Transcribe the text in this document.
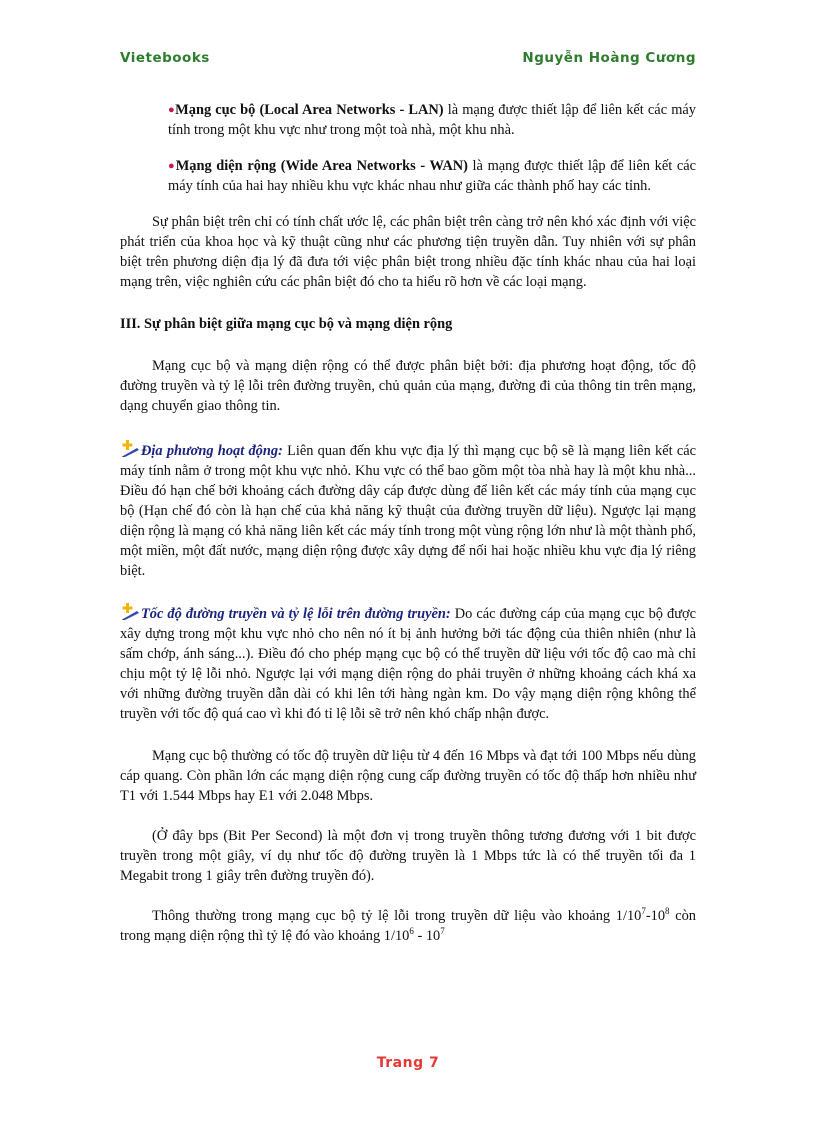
Vietebooks	Nguyễn Hoàng Cương

●Mạng cục bộ (Local Area Networks - LAN) là mạng được thiết lập để liên kết các máy tính trong một khu vực như trong một toà nhà, một khu nhà.

●Mạng diện rộng (Wide Area Networks - WAN) là mạng được thiết lập để liên kết các máy tính của hai hay nhiều khu vực khác nhau như giữa các thành phố hay các tỉnh.

Sự phân biệt trên chỉ có tính chất ước lệ, các phân biệt trên càng trở nên khó xác định với việc phát triển của khoa học và kỹ thuật cũng như các phương tiện truyền dẫn. Tuy nhiên với sự phân biệt trên phương diện địa lý đã đưa tới việc phân biệt trong nhiều đặc tính khác nhau của hai loại mạng trên, việc nghiên cứu các phân biệt đó cho ta hiểu rõ hơn về các loại mạng.

III. Sự phân biệt giữa mạng cục bộ và mạng diện rộng

Mạng cục bộ và mạng diện rộng có thể được phân biệt bởi: địa phương hoạt động, tốc độ đường truyền và tỷ lệ lỗi trên đường truyền, chủ quản của mạng, đường đi của thông tin trên mạng, dạng chuyển giao thông tin.

Địa phương hoạt động: Liên quan đến khu vực địa lý thì mạng cục bộ sẽ là mạng liên kết các máy tính nằm ở trong một khu vực nhỏ. Khu vực có thể bao gồm một tòa nhà hay là một khu nhà... Điều đó hạn chế bởi khoảng cách đường dây cáp được dùng để liên kết các máy tính của mạng cục bộ (Hạn chế đó còn là hạn chế của khả năng kỹ thuật của đường truyền dữ liệu). Ngược lại mạng diện rộng là mạng có khả năng liên kết các máy tính trong một vùng rộng lớn như là một thành phố, một miền, một đất nước, mạng diện rộng được xây dựng để nối hai hoặc nhiều khu vực địa lý riêng biệt.

Tốc độ đường truyền và tỷ lệ lỗi trên đường truyền: Do các đường cáp của mạng cục bộ được xây dựng trong một khu vực nhỏ cho nên nó ít bị ảnh hưởng bởi tác động của thiên nhiên (như là sấm chớp, ánh sáng...). Điều đó cho phép mạng cục bộ có thể truyền dữ liệu với tốc độ cao mà chỉ chịu một tỷ lệ lỗi nhỏ. Ngược lại với mạng diện rộng do phải truyền ở những khoảng cách khá xa với những đường truyền dẫn dài có khi lên tới hàng ngàn km. Do vậy mạng diện rộng không thể truyền với tốc độ quá cao vì khi đó tỉ lệ lỗi sẽ trở nên khó chấp nhận được.

Mạng cục bộ thường có tốc độ truyền dữ liệu từ 4 đến 16 Mbps và đạt tới 100 Mbps nếu dùng cáp quang. Còn phần lớn các mạng diện rộng cung cấp đường truyền có tốc độ thấp hơn nhiều như T1 với 1.544 Mbps hay E1 với 2.048 Mbps.

(Ở đây bps (Bit Per Second) là một đơn vị trong truyền thông tương đương với 1 bit được truyền trong một giây, ví dụ như tốc độ đường truyền là 1 Mbps tức là có thể truyền tối đa 1 Megabit trong 1 giây trên đường truyền đó).

Thông thường trong mạng cục bộ tỷ lệ lỗi trong truyền dữ liệu vào khoảng $1/10^7-10^8$ còn trong mạng diện rộng thì tỷ lệ đó vào khoảng $1/10^6 - 10^7$

Trang 7
